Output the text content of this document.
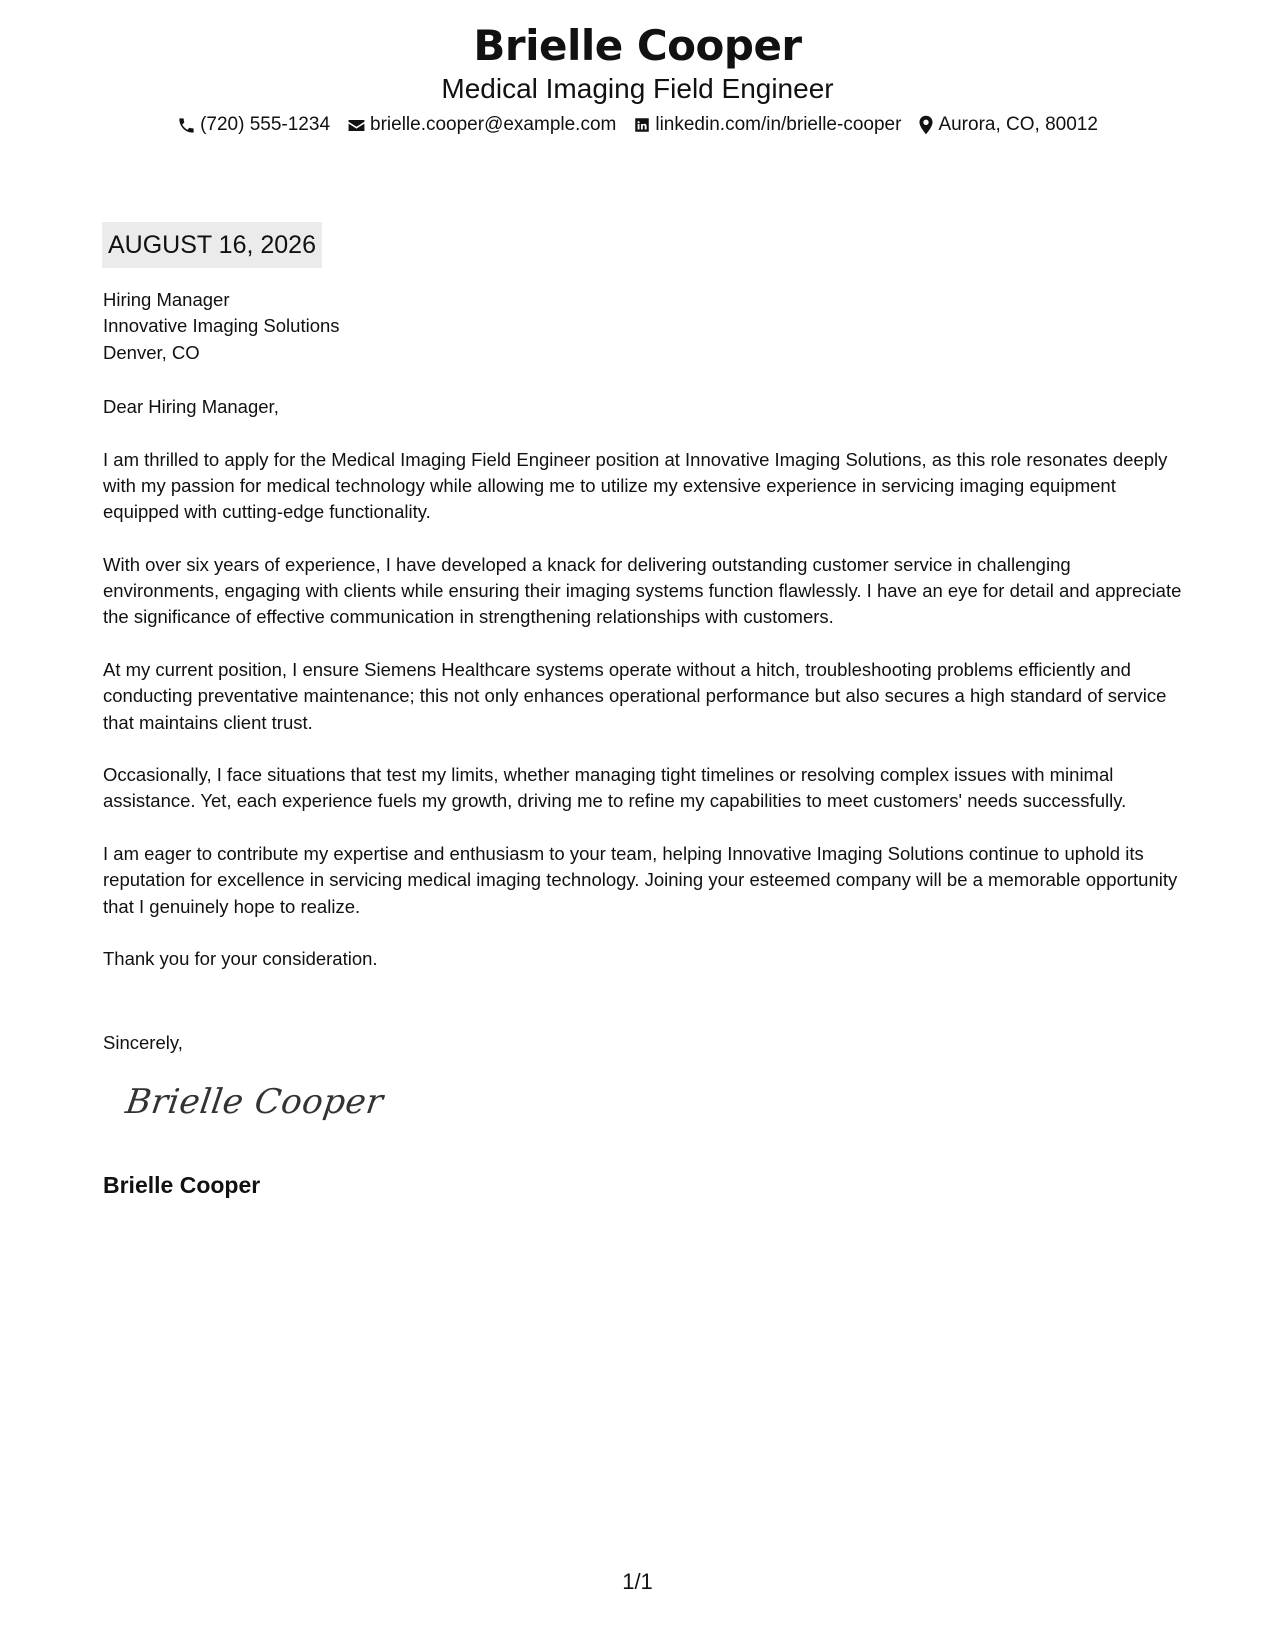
Brielle Cooper
Medical Imaging Field Engineer
(720) 555-1234 brielle.cooper@example.com linkedin.com/in/brielle-cooper Aurora, CO, 80012
AUGUST 16, 2026
Hiring Manager
Innovative Imaging Solutions
Denver, CO

Dear Hiring Manager,

I am thrilled to apply for the Medical Imaging Field Engineer position at Innovative Imaging Solutions, as this role resonates deeply with my passion for medical technology while allowing me to utilize my extensive experience in servicing imaging equipment equipped with cutting-edge functionality.

With over six years of experience, I have developed a knack for delivering outstanding customer service in challenging environments, engaging with clients while ensuring their imaging systems function flawlessly. I have an eye for detail and appreciate the significance of effective communication in strengthening relationships with customers.

At my current position, I ensure Siemens Healthcare systems operate without a hitch, troubleshooting problems efficiently and conducting preventative maintenance; this not only enhances operational performance but also secures a high standard of service that maintains client trust.

Occasionally, I face situations that test my limits, whether managing tight timelines or resolving complex issues with minimal assistance. Yet, each experience fuels my growth, driving me to refine my capabilities to meet customers' needs successfully.

I am eager to contribute my expertise and enthusiasm to your team, helping Innovative Imaging Solutions continue to uphold its reputation for excellence in servicing medical imaging technology. Joining your esteemed company will be a memorable opportunity that I genuinely hope to realize.

Thank you for your consideration.

Sincerely,
Brielle Cooper
Brielle Cooper
1/1
